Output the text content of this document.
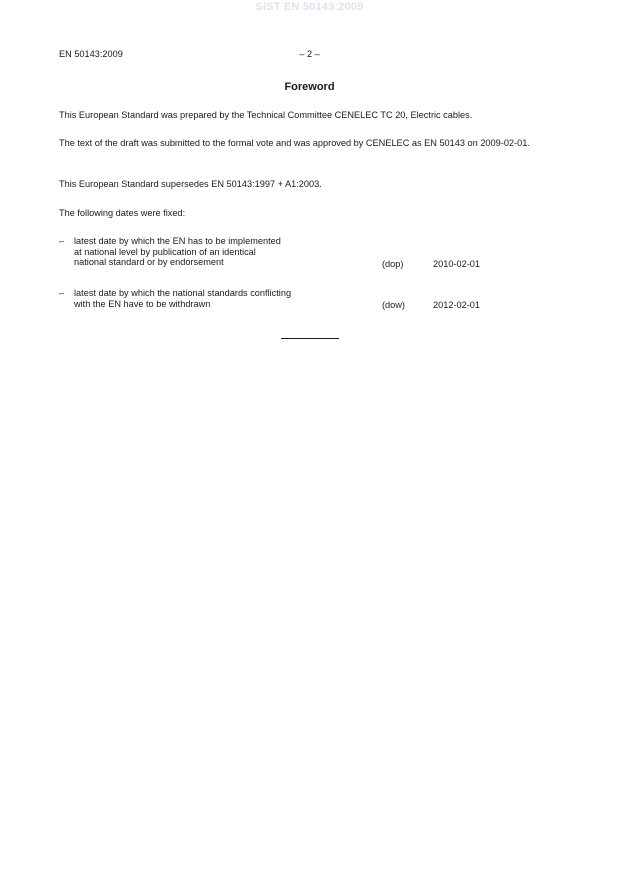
SIST EN 50143:2009
EN 50143:2009	– 2 –
Foreword
This European Standard was prepared by the Technical Committee CENELEC TC 20, Electric cables.
The text of the draft was submitted to the formal vote and was approved by CENELEC as EN 50143 on 2009-02-01.
This European Standard supersedes EN 50143:1997 + A1:2003.
The following dates were fixed:
– latest date by which the EN has to be implemented
at national level by publication of an identical
national standard or by endorsement	(dop)	2010-02-01
– latest date by which the national standards conflicting
with the EN have to be withdrawn	(dow)	2012-02-01
